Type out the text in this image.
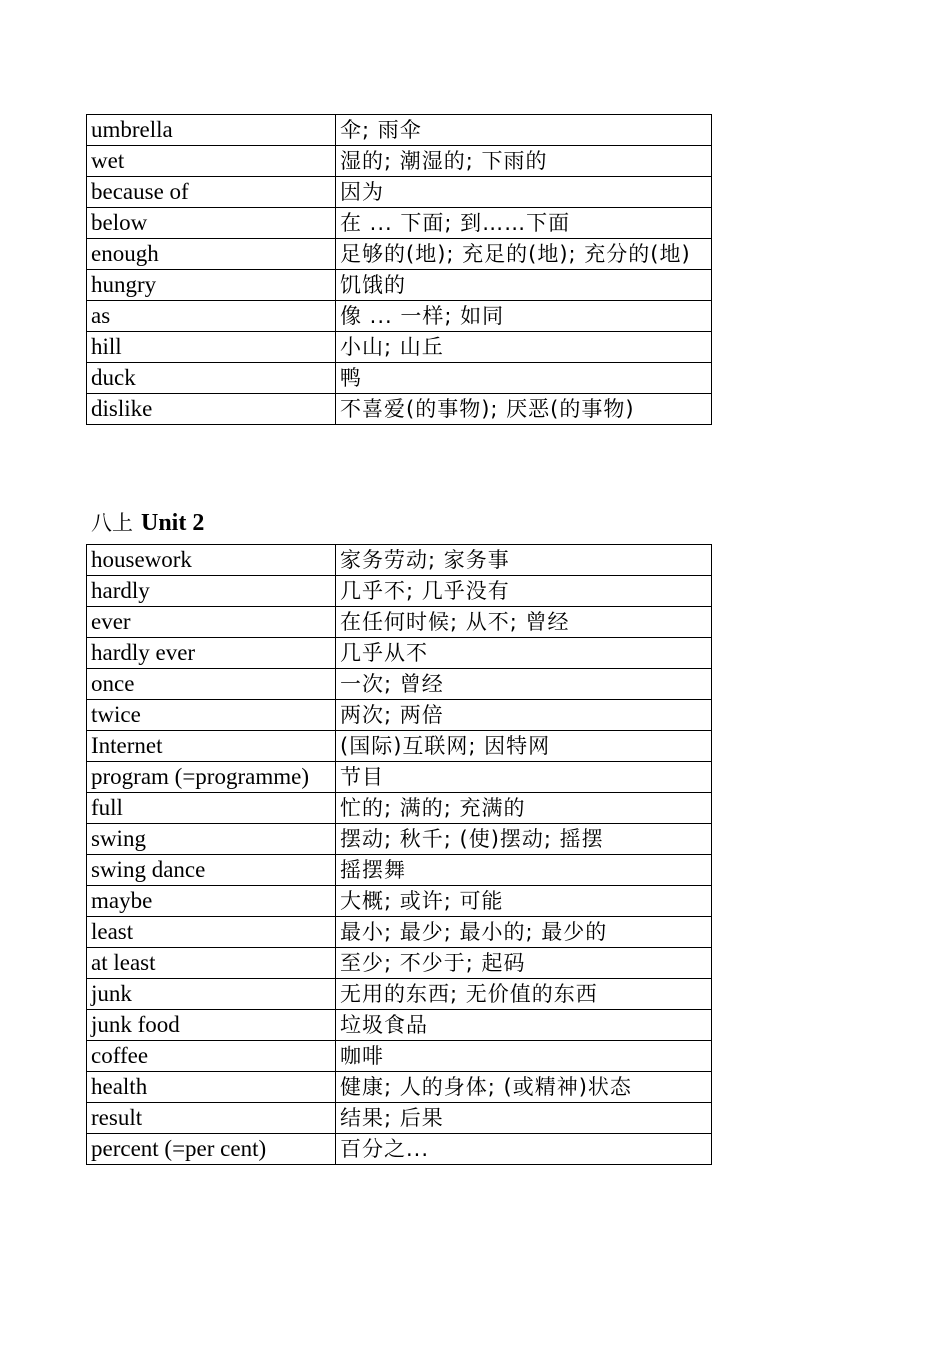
umbrella	伞; 雨伞
wet	湿的; 潮湿的; 下雨的
because of	因为
below	在 ... 下面; 到……下面
enough	足够的(地); 充足的(地); 充分的(地)
hungry	饥饿的
as	像 ... 一样; 如同
hill	小山; 山丘
duck	鸭
dislike	不喜爱(的事物); 厌恶(的事物)
八上 Unit 2
housework	家务劳动; 家务事
hardly	几乎不; 几乎没有
ever	在任何时候; 从不; 曾经
hardly ever	几乎从不
once	一次; 曾经
twice	两次; 两倍
Internet	(国际)互联网; 因特网
program (=programme)	节目
full	忙的; 满的; 充满的
swing	摆动; 秋千; (使)摆动; 摇摆
swing dance	摇摆舞
maybe	大概; 或许; 可能
least	最小; 最少; 最小的; 最少的
at least	至少; 不少于; 起码
junk	无用的东西; 无价值的东西
junk food	垃圾食品
coffee	咖啡
health	健康; 人的身体; (或精神)状态
result	结果; 后果
percent (=per cent)	百分之...
